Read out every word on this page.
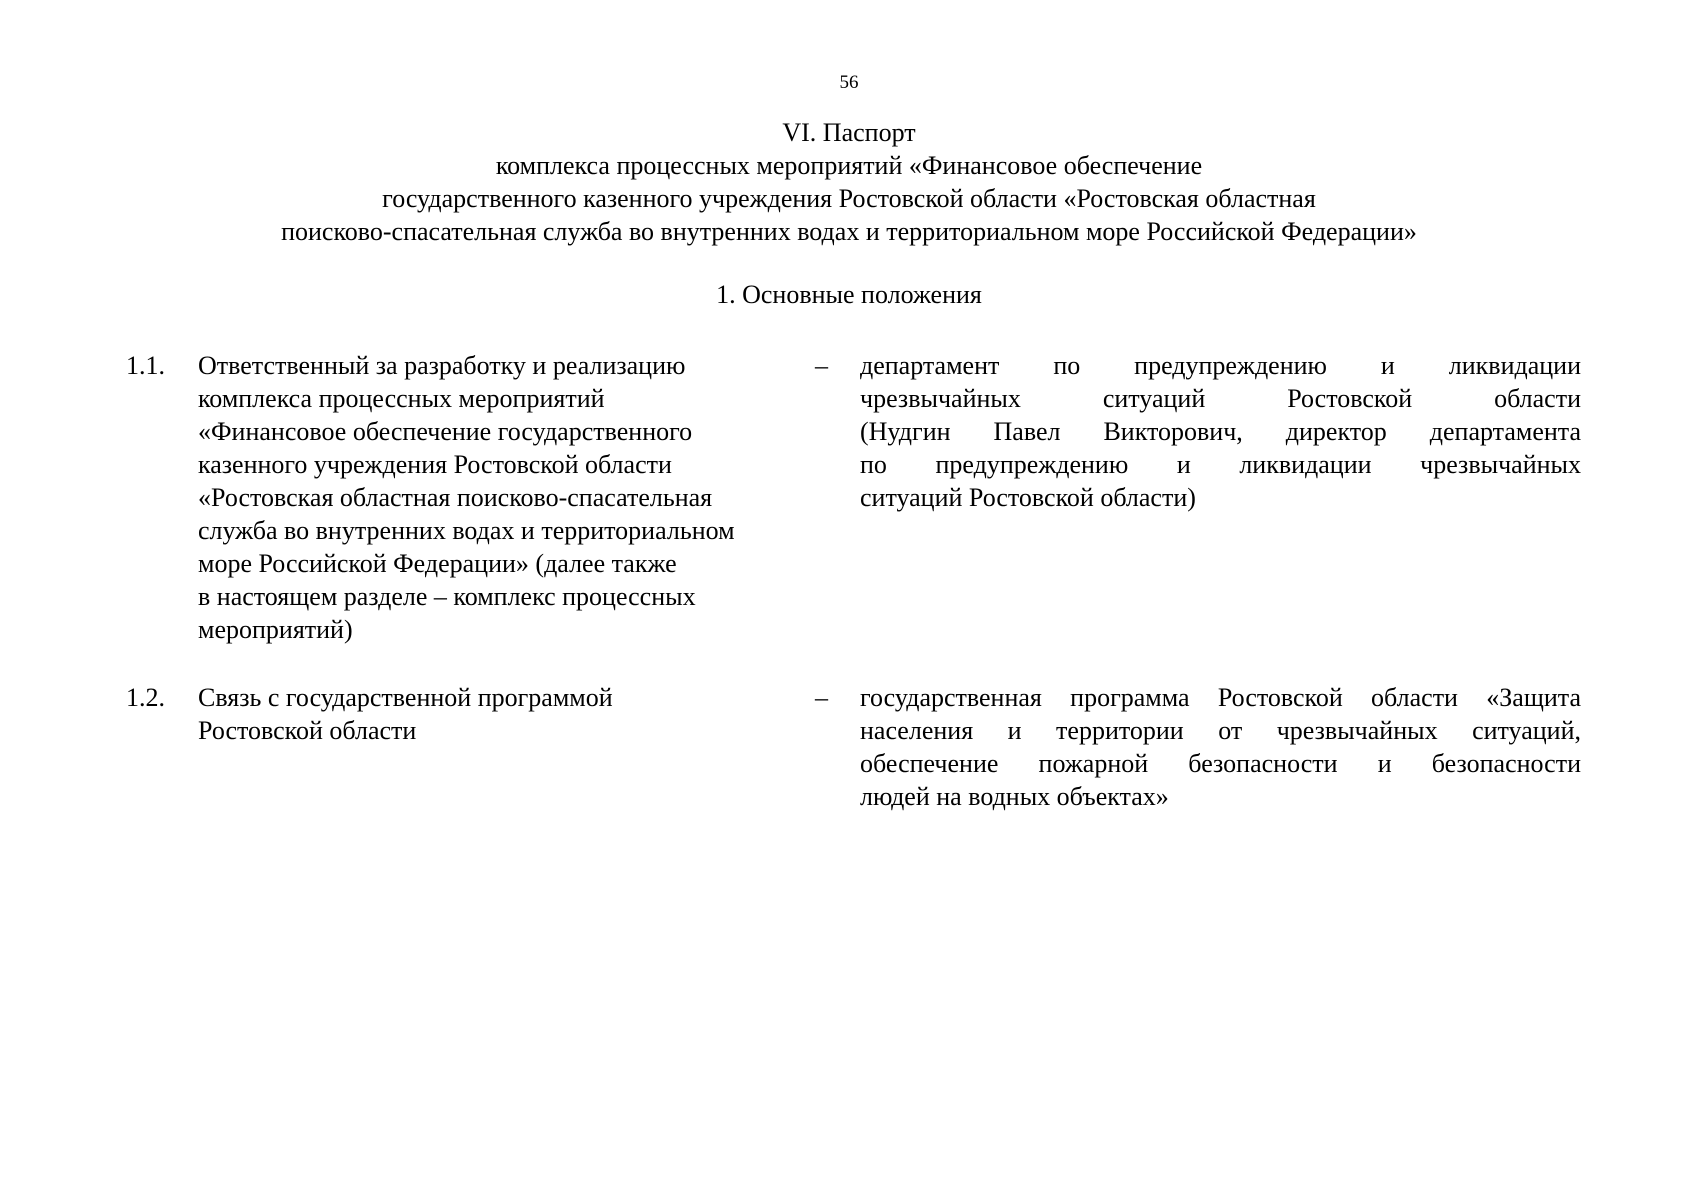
56
VI. Паспорт
комплекса процессных мероприятий «Финансовое обеспечение
государственного казенного учреждения Ростовской области «Ростовская областная
поисково-спасательная служба во внутренних водах и территориальном море Российской Федерации»
1. Основные положения
1.1. Ответственный за разработку и реализацию
комплекса процессных мероприятий
«Финансовое обеспечение государственного
казенного учреждения Ростовской области
«Ростовская областная поисково-спасательная
служба во внутренних водах и территориальном
море Российской Федерации» (далее также
в настоящем разделе – комплекс процессных
мероприятий)
– департамент по предупреждению и ликвидации
чрезвычайных ситуаций Ростовской области
(Нудгин Павел Викторович, директор департамента
по предупреждению и ликвидации чрезвычайных
ситуаций Ростовской области)
1.2. Связь с государственной программой
Ростовской области
– государственная программа Ростовской области «Защита
населения и территории от чрезвычайных ситуаций,
обеспечение пожарной безопасности и безопасности
людей на водных объектах»
